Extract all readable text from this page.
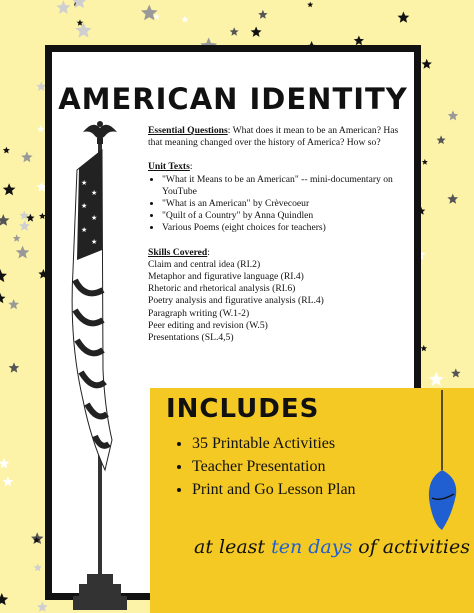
AMERICAN IDENTITY

Essential Questions: What does it mean to be an American? Has that meaning changed over the history of America? How so?

Unit Texts:

• "What it Means to be an American" -- mini-documentary on YouTube
• "What is an American" by Crèvecoeur
• "Quilt of a Country" by Anna Quindlen
• Various Poems (eight choices for teachers)

Skills Covered:

Claim and central idea (RI.2)

Metaphor and figurative language (RI.4)

Rhetoric and rhetorical analysis (RI.6)

Poetry analysis and figurative analysis (RL.4)

Paragraph writing (W.1-2)

Peer editing and revision (W.5)

Presentations (SL.4,5)

★
★
★
★
★
★
INCLUDES
• 35 Printable Activities
• Teacher Presentation
• Print and Go Lesson Plan
at least ten days of activities
